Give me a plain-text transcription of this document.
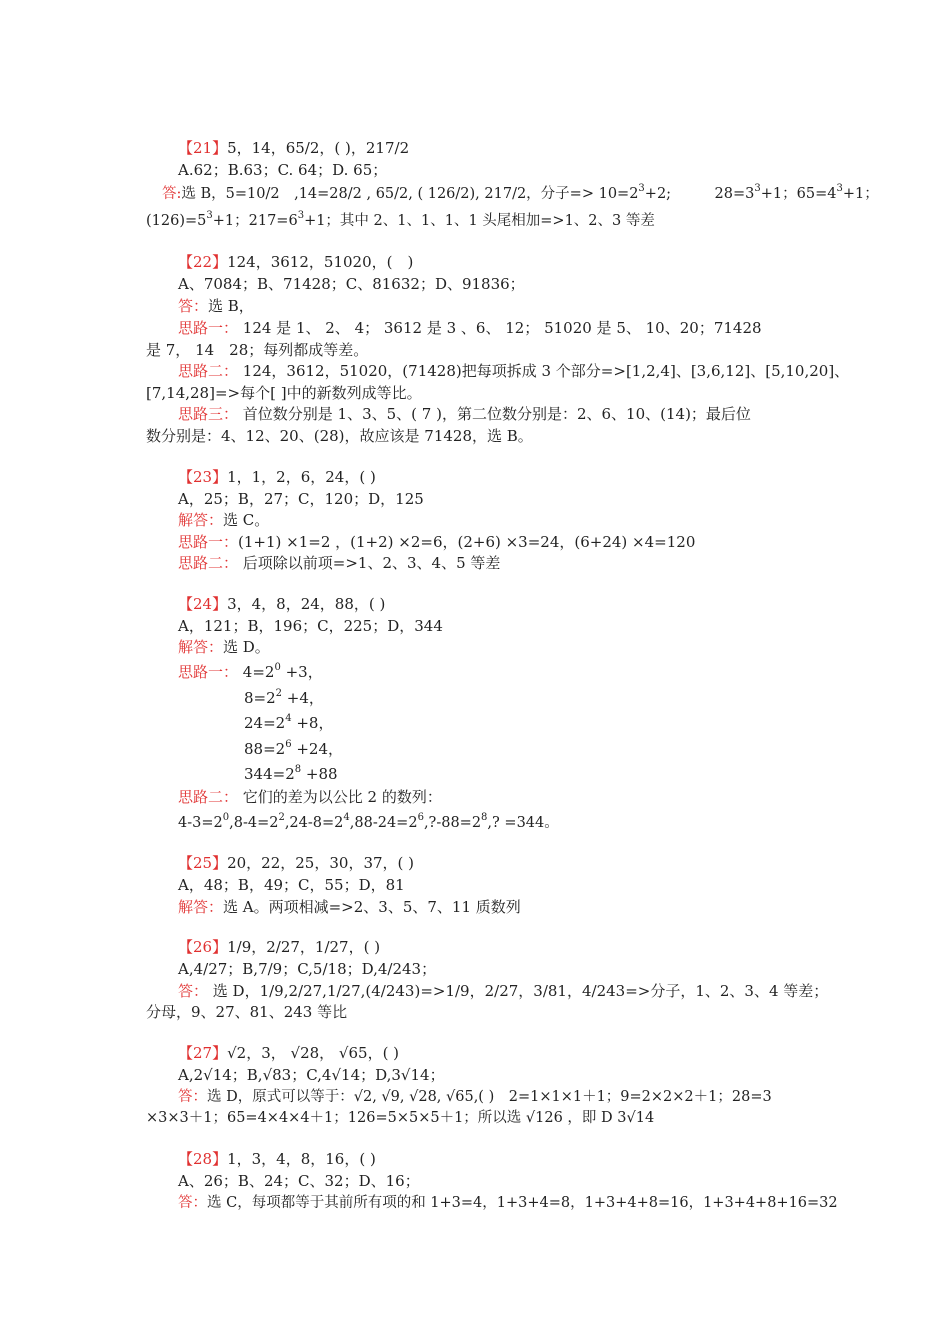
【21】5，14，65/2，( )，217/2
A.62；B.63；C. 64；D. 65；
答:选 B，5=10/2　,14=28/2 , 65/2, ( 126/2), 217/2，分子=> $10=2^3+2$;　　　$28=3^3+1$；$65=4^3+1$；
$(126)=5^3+1$；$217=6^3+1$；其中 2、1、1、1、1 头尾相加=>1、2、3 等差
【22】124，3612，51020，(　)
A、7084；B、71428；C、81632；D、91836；
答：选 B，
思路一： 124 是 1、 2、 4； 3612 是 3 、6、 12； 51020 是 5、 10、20；71428
是 7， 14　28；每列都成等差。
思路二： 124，3612，51020，(71428)把每项拆成 3 个部分=>[1,2,4]、[3,6,12]、[5,10,20]、
[7,14,28]=>每个[ ]中的新数列成等比。
思路三： 首位数分别是 1、3、5、( 7 )，第二位数分别是：2、6、10、(14)；最后位
数分别是：4、12、20、(28)，故应该是 71428，选 B。
【23】1，1，2，6，24，( )
A，25；B，27；C，120；D，125
解答：选 C。
思路一：(1+1) ×1=2 ，(1+2) ×2=6，(2+6) ×3=24，(6+24) ×4=120
思路二： 后项除以前项=>1、2、3、4、5 等差
【24】3，4，8，24，88，( )
A，121；B，196；C，225；D，344
解答：选 D。
思路一： $4=2^0 +3$，
$8=2^2 +4$，
$24=2^4 +8$，
$88=2^6 +24$，
$344=2^8 +88$
思路二： 它们的差为以公比 2 的数列：
$4-3=2^0,8-4=2^2,24-8=2^4,88-24=2^6,?-88=2^8$,? =344。
【25】20，22，25，30，37，( )
A，48；B，49；C，55；D，81
解答：选 A。两项相减=>2、3、5、7、11 质数列
【26】1/9，2/27，1/27，( )
A,4/27；B,7/9；C,5/18；D,4/243；
答： 选 D，1/9,2/27,1/27,(4/243)=>1/9，2/27，3/81，4/243=>分子，1、2、3、4 等差；
分母，9、27、81、243 等比
【27】√2，3， √28， √65，( )
A,2√14；B,√83；C,4√14；D,3√14；
答：选 D，原式可以等于：√2, √9, √28, √65,( )　2=1×1×1＋1；9=2×2×2＋1；28=3
×3×3＋1；65=4×4×4＋1；126=5×5×5＋1；所以选 √126 ，即 D 3√14
【28】1，3，4，8，16，( )
A、26；B、24；C、32；D、16；
答：选 C，每项都等于其前所有项的和 1+3=4，1+3+4=8，1+3+4+8=16，1+3+4+8+16=32
